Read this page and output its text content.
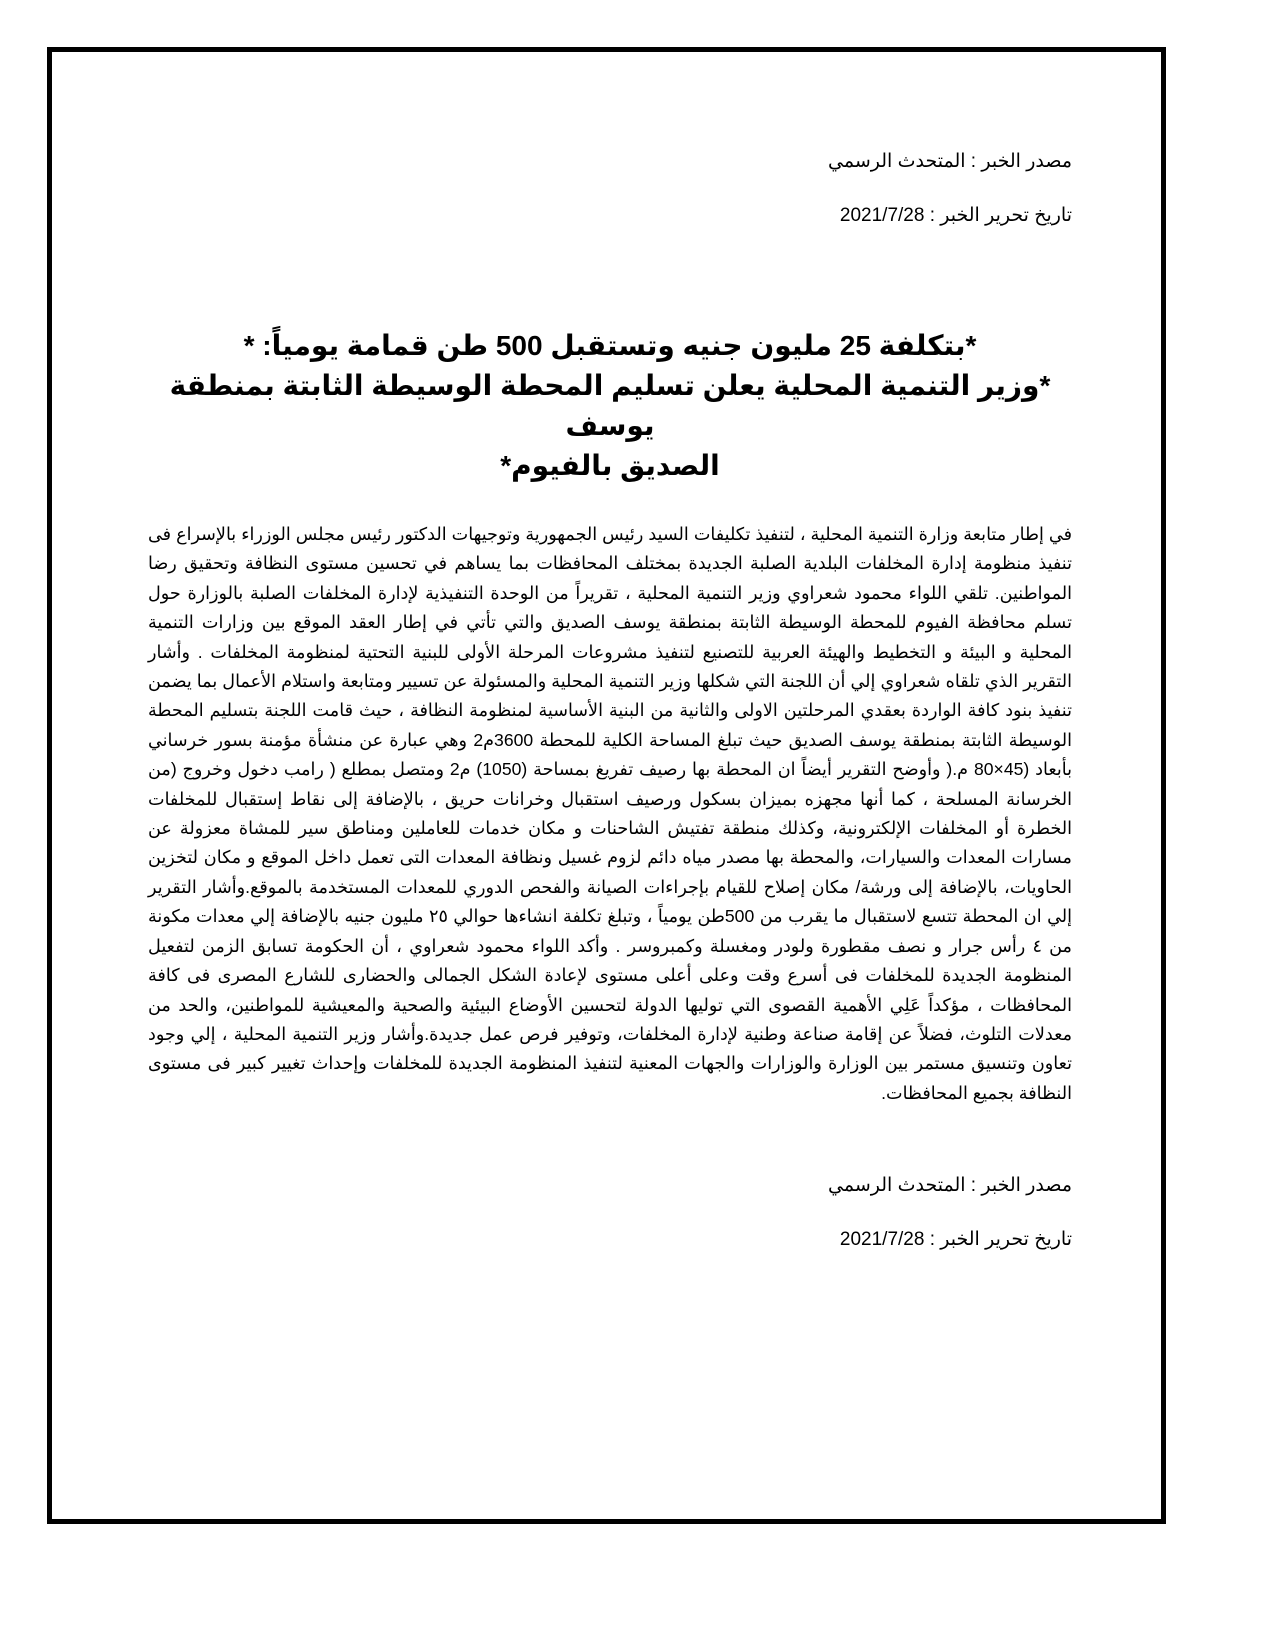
مصدر الخبر : المتحدث الرسمي

تاريخ تحرير الخبر : 2021/7/28

*بتكلفة 25 مليون جنيه وتستقبل 500 طن قمامة يومياً: *
*وزير التنمية المحلية يعلن تسليم المحطة الوسيطة الثابتة بمنطقة يوسف
الصديق بالفيوم*
في إطار متابعة وزارة التنمية المحلية ، لتنفيذ تكليفات السيد رئيس الجمهورية وتوجيهات الدكتور رئيس مجلس الوزراء بالإسراع فى تنفيذ منظومة إدارة المخلفات البلدية الصلبة الجديدة بمختلف المحافظات بما يساهم في تحسين مستوى النظافة وتحقيق رضا المواطنين. تلقي اللواء محمود شعراوي وزير التنمية المحلية ، تقريراً من الوحدة التنفيذية لإدارة المخلفات الصلبة بالوزارة حول تسلم محافظة الفيوم للمحطة الوسيطة الثابتة بمنطقة يوسف الصديق والتي تأتي في إطار العقد الموقع بين وزارات التنمية المحلية و البيئة و التخطيط والهيئة العربية للتصنيع لتنفيذ مشروعات المرحلة الأولى للبنية التحتية لمنظومة المخلفات . وأشار التقرير الذي تلقاه شعراوي إلي أن اللجنة التي شكلها وزير التنمية المحلية والمسئولة عن تسيير ومتابعة واستلام الأعمال بما يضمن تنفيذ بنود كافة الواردة بعقدي المرحلتين الاولى والثانية من البنية الأساسية لمنظومة النظافة ، حيث قامت اللجنة بتسليم المحطة الوسيطة الثابتة بمنطقة يوسف الصديق حيث تبلغ المساحة الكلية للمحطة 3600م2 وهي عبارة عن منشأة مؤمنة بسور خرساني بأبعاد (45×80 م.( وأوضح التقرير أيضاً ان المحطة بها رصيف تفريغ بمساحة (1050) م2 ومتصل بمطلع ( رامب دخول وخروج (من الخرسانة المسلحة ، كما أنها مجهزه بميزان بسكول ورصيف استقبال وخرانات حريق ، بالإضافة إلى نقاط إستقبال للمخلفات الخطرة أو المخلفات الإلكترونية، وكذلك منطقة تفتيش الشاحنات و مكان خدمات للعاملين ومناطق سير للمشاة معزولة عن مسارات المعدات والسيارات، والمحطة بها مصدر مياه دائم لزوم غسيل ونظافة المعدات التى تعمل داخل الموقع و مكان لتخزين الحاويات، بالإضافة إلى ورشة/ مكان إصلاح للقيام بإجراءات الصيانة والفحص الدوري للمعدات المستخدمة بالموقع.وأشار التقرير إلي ان المحطة تتسع لاستقبال ما يقرب من 500طن يومياً ، وتبلغ تكلفة انشاءها حوالي ٢٥ مليون جنيه بالإضافة إلي معدات مكونة من ٤ رأس جرار و نصف مقطورة ولودر ومغسلة وكمبروسر . وأكد اللواء محمود شعراوي ، أن الحكومة تسابق الزمن لتفعيل المنظومة الجديدة للمخلفات فى أسرع وقت وعلى أعلى مستوى لإعادة الشكل الجمالى والحضارى للشارع المصرى فى كافة المحافظات ، مؤكداً عَلِي الأهمية القصوى التي توليها الدولة لتحسين الأوضاع البيئية والصحية والمعيشية للمواطنين، والحد من معدلات التلوث، فضلاً عن إقامة صناعة وطنية لإدارة المخلفات، وتوفير فرص عمل جديدة.وأشار وزير التنمية المحلية ، إلي وجود تعاون وتنسيق مستمر بين الوزارة والوزارات والجهات المعنية لتنفيذ المنظومة الجديدة للمخلفات وإحداث تغيير كبير فى مستوى النظافة بجميع المحافظات.

مصدر الخبر : المتحدث الرسمي

تاريخ تحرير الخبر : 2021/7/28
